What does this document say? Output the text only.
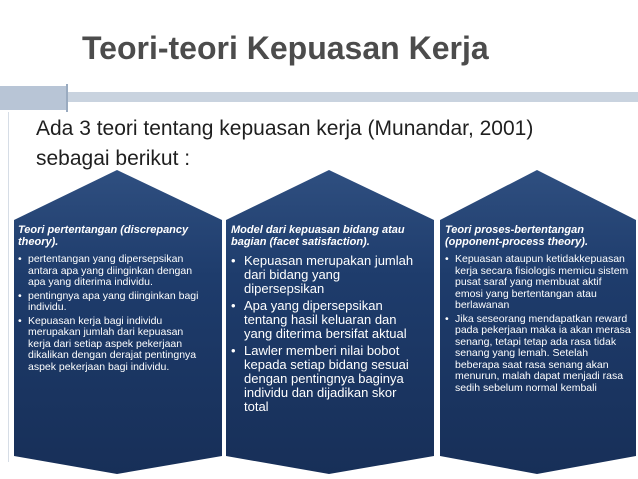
Teori-teori Kepuasan Kerja

Ada 3 teori tentang kepuasan kerja (Munandar, 2001) sebagai berikut :

Teori pertentangan (discrepancy theory).

• pertentangan yang dipersepsikan antara apa yang diinginkan dengan apa yang diterima individu.
• pentingnya apa yang diinginkan bagi individu.
• Kepuasan kerja bagi individu merupakan jumlah dari kepuasan kerja dari setiap aspek pekerjaan dikalikan dengan derajat pentingnya aspek pekerjaan bagi individu.

Model dari kepuasan bidang atau bagian (facet satisfaction).

• Kepuasan merupakan jumlah dari bidang yang dipersepsikan
• Apa yang dipersepsikan tentang hasil keluaran dan yang diterima bersifat aktual
• Lawler memberi nilai bobot kepada setiap bidang sesuai dengan pentingnya baginya individu dan dijadikan skor total

Teori proses-bertentangan (opponent-process theory).

• Kepuasan ataupun ketidakkepuasan kerja secara fisiologis memicu sistem pusat saraf yang membuat aktif emosi yang bertentangan atau berlawanan
• Jika seseorang mendapatkan reward pada pekerjaan maka ia akan merasa senang, tetapi tetap ada rasa tidak senang yang lemah. Setelah beberapa saat rasa senang akan menurun, malah dapat menjadi rasa sedih sebelum normal kembali
